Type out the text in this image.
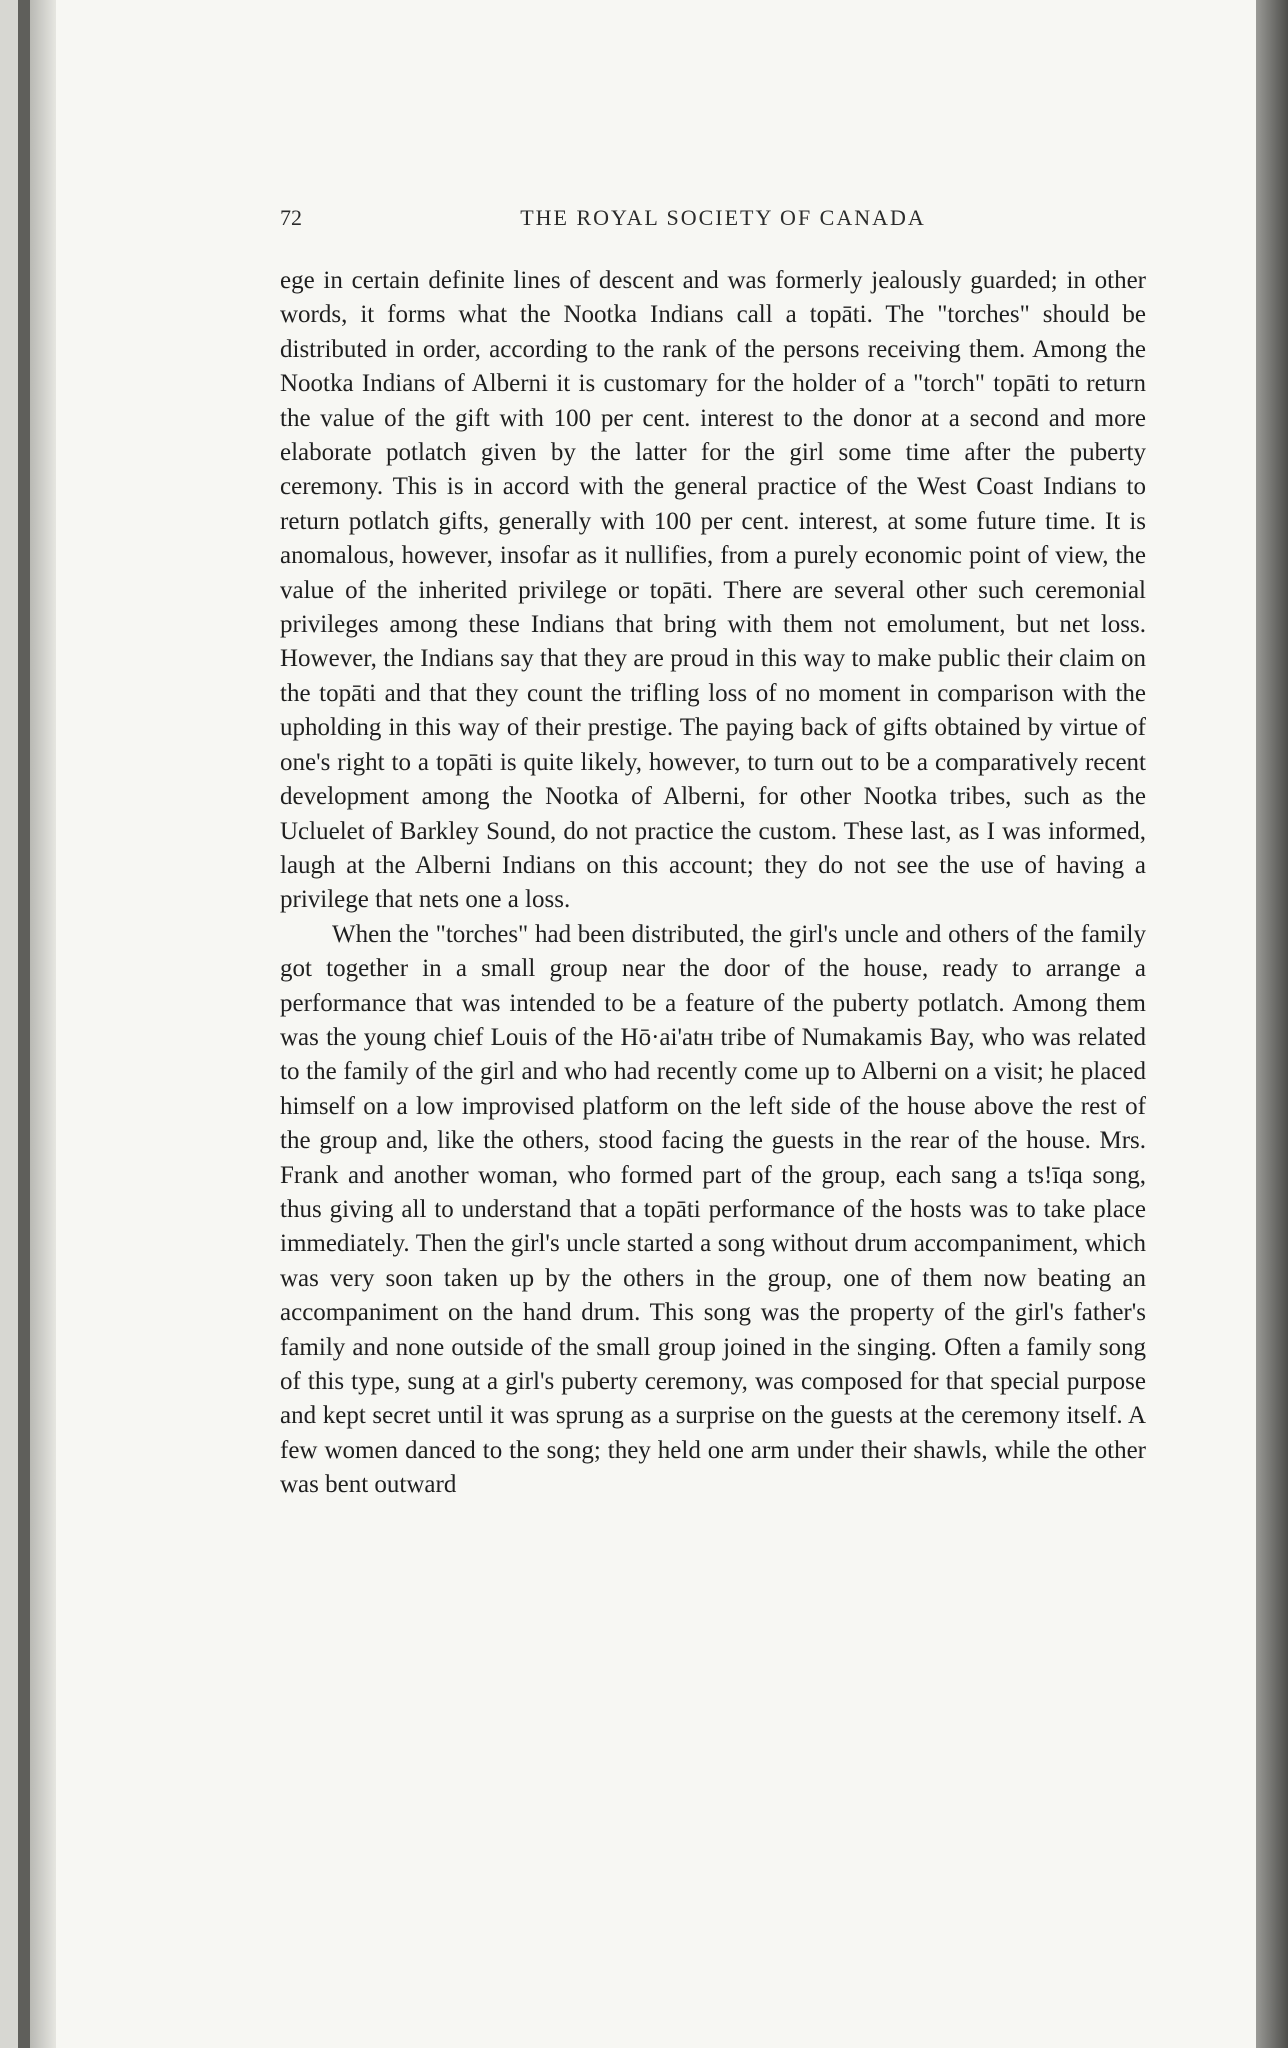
72	THE ROYAL SOCIETY OF CANADA

ege in certain definite lines of descent and was formerly jealously guarded; in other words, it forms what the Nootka Indians call a topāti. The "torches" should be distributed in order, according to the rank of the persons receiving them. Among the Nootka Indians of Alberni it is customary for the holder of a "torch" topāti to return the value of the gift with 100 per cent. interest to the donor at a second and more elaborate potlatch given by the latter for the girl some time after the puberty ceremony. This is in accord with the general practice of the West Coast Indians to return potlatch gifts, generally with 100 per cent. interest, at some future time. It is anomalous, however, insofar as it nullifies, from a purely economic point of view, the value of the inherited privilege or topāti. There are several other such ceremonial privileges among these Indians that bring with them not emolument, but net loss. However, the Indians say that they are proud in this way to make public their claim on the topāti and that they count the trifling loss of no moment in comparison with the upholding in this way of their prestige. The paying back of gifts obtained by virtue of one's right to a topāti is quite likely, however, to turn out to be a comparatively recent development among the Nootka of Alberni, for other Nootka tribes, such as the Ucluelet of Barkley Sound, do not practice the custom. These last, as I was informed, laugh at the Alberni Indians on this account; they do not see the use of having a privilege that nets one a loss.

When the "torches" had been distributed, the girl's uncle and others of the family got together in a small group near the door of the house, ready to arrange a performance that was intended to be a feature of the puberty potlatch. Among them was the young chief Louis of the Hō·ai'atʜ tribe of Numakamis Bay, who was related to the family of the girl and who had recently come up to Alberni on a visit; he placed himself on a low improvised platform on the left side of the house above the rest of the group and, like the others, stood facing the guests in the rear of the house. Mrs. Frank and another woman, who formed part of the group, each sang a ts!īqa song, thus giving all to understand that a topāti performance of the hosts was to take place immediately. Then the girl's uncle started a song without drum accompaniment, which was very soon taken up by the others in the group, one of them now beating an accompaniment on the hand drum. This song was the property of the girl's father's family and none outside of the small group joined in the singing. Often a family song of this type, sung at a girl's puberty ceremony, was composed for that special purpose and kept secret until it was sprung as a surprise on the guests at the ceremony itself. A few women danced to the song; they held one arm under their shawls, while the other was bent outward
